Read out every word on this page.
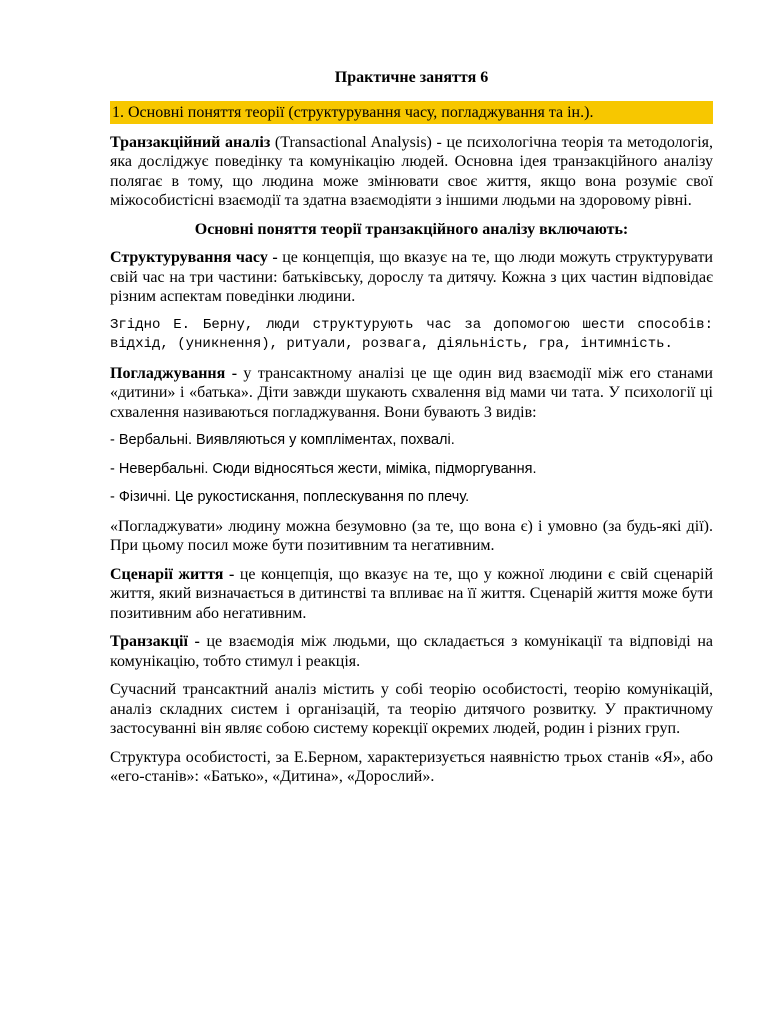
Практичне заняття 6
1. Основні поняття теорії (структурування часу, погладжування та ін.).

Транзакційний аналіз (Transactional Analysis) - це психологічна теорія та методологія, яка досліджує поведінку та комунікацію людей. Основна ідея транзакційного аналізу полягає в тому, що людина може змінювати своє життя, якщо вона розуміє свої міжособистісні взаємодії та здатна взаємодіяти з іншими людьми на здоровому рівні.

Основні поняття теорії транзакційного аналізу включають:

Структурування часу - це концепція, що вказує на те, що люди можуть структурувати свій час на три частини: батьківську, дорослу та дитячу. Кожна з цих частин відповідає різним аспектам поведінки людини.

Згідно Е. Берну, люди структурують час за допомогою шести способів: відхід, (уникнення), ритуали, розвага, діяльність, гра, інтимність.

Погладжування - у трансактному аналізі це ще один вид взаємодії між его станами «дитини» і «батька». Діти завжди шукають схвалення від мами чи тата. У психології ці схвалення називаються погладжування. Вони бувають 3 видів:

- Вербальні. Виявляються у компліментах, похвалі.

- Невербальні. Сюди відносяться жести, міміка, підморгування.

- Фізичні. Це рукостискання, поплескування по плечу.

«Погладжувати» людину можна безумовно (за те, що вона є) і умовно (за будь-які дії). При цьому посил може бути позитивним та негативним.

Сценарії життя - це концепція, що вказує на те, що у кожної людини є свій сценарій життя, який визначається в дитинстві та впливає на її життя. Сценарій життя може бути позитивним або негативним.

Транзакції - це взаємодія між людьми, що складається з комунікації та відповіді на комунікацію, тобто стимул і реакція.

Сучасний трансактний аналіз містить у собі теорію особистості, теорію комунікацій, аналіз складних систем і організацій, та теорію дитячого розвитку. У практичному застосуванні він являє собою систему корекції окремих людей, родин і різних груп.

Структура особистості, за Е.Берном, характеризується наявністю трьох станів «Я», або «его-станів»: «Батько», «Дитина», «Дорослий».
